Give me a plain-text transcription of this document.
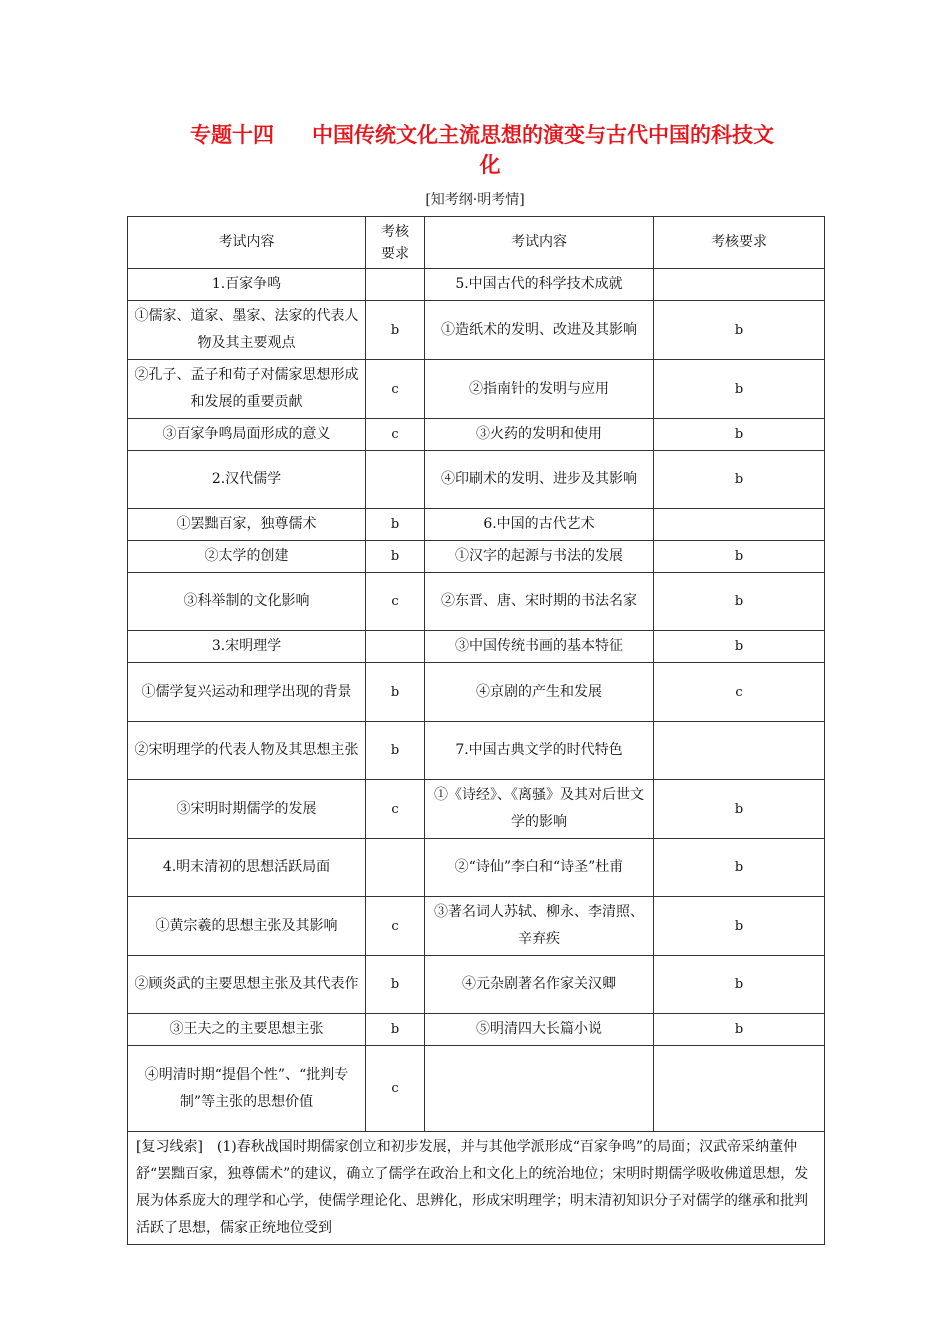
专题十四 中国传统文化主流思想的演变与古代中国的科技文
化
[知考纲·明考情]
考试内容	考核要求	考试内容	考核要求
1.百家争鸣		5.中国古代的科学技术成就	
①儒家、道家、墨家、法家的代表人物及其主要观点	b	①造纸术的发明、改进及其影响	b
②孔子、孟子和荀子对儒家思想形成和发展的重要贡献	c	②指南针的发明与应用	b
③百家争鸣局面形成的意义	c	③火药的发明和使用	b
2.汉代儒学		④印刷术的发明、进步及其影响	b
①罢黜百家，独尊儒术	b	6.中国的古代艺术	
②太学的创建	b	①汉字的起源与书法的发展	b
③科举制的文化影响	c	②东晋、唐、宋时期的书法名家	b
3.宋明理学		③中国传统书画的基本特征	b
①儒学复兴运动和理学出现的背景	b	④京剧的产生和发展	c
②宋明理学的代表人物及其思想主张	b	7.中国古典文学的时代特色	
③宋明时期儒学的发展	c	①《诗经》、《离骚》及其对后世文学的影响	b
4.明末清初的思想活跃局面		②“诗仙”李白和“诗圣”杜甫	b
①黄宗羲的思想主张及其影响	c	③著名词人苏轼、柳永、李清照、辛弃疾	b
②顾炎武的主要思想主张及其代表作	b	④元杂剧著名作家关汉卿	b
③王夫之的主要思想主张	b	⑤明清四大长篇小说	b
④明清时期“提倡个性”、“批判专制”等主张的思想价值	c		
[复习线索]　(1)春秋战国时期儒家创立和初步发展，并与其他学派形成“百家争鸣”的局面；汉武帝采纳董仲舒“罢黜百家，独尊儒术”的建议，确立了儒学在政治上和文化上的统治地位；宋明时期儒学吸收佛道思想，发展为体系庞大的理学和心学，使儒学理论化、思辨化，形成宋明理学；明末清初知识分子对儒学的继承和批判活跃了思想，儒家正统地位受到			
